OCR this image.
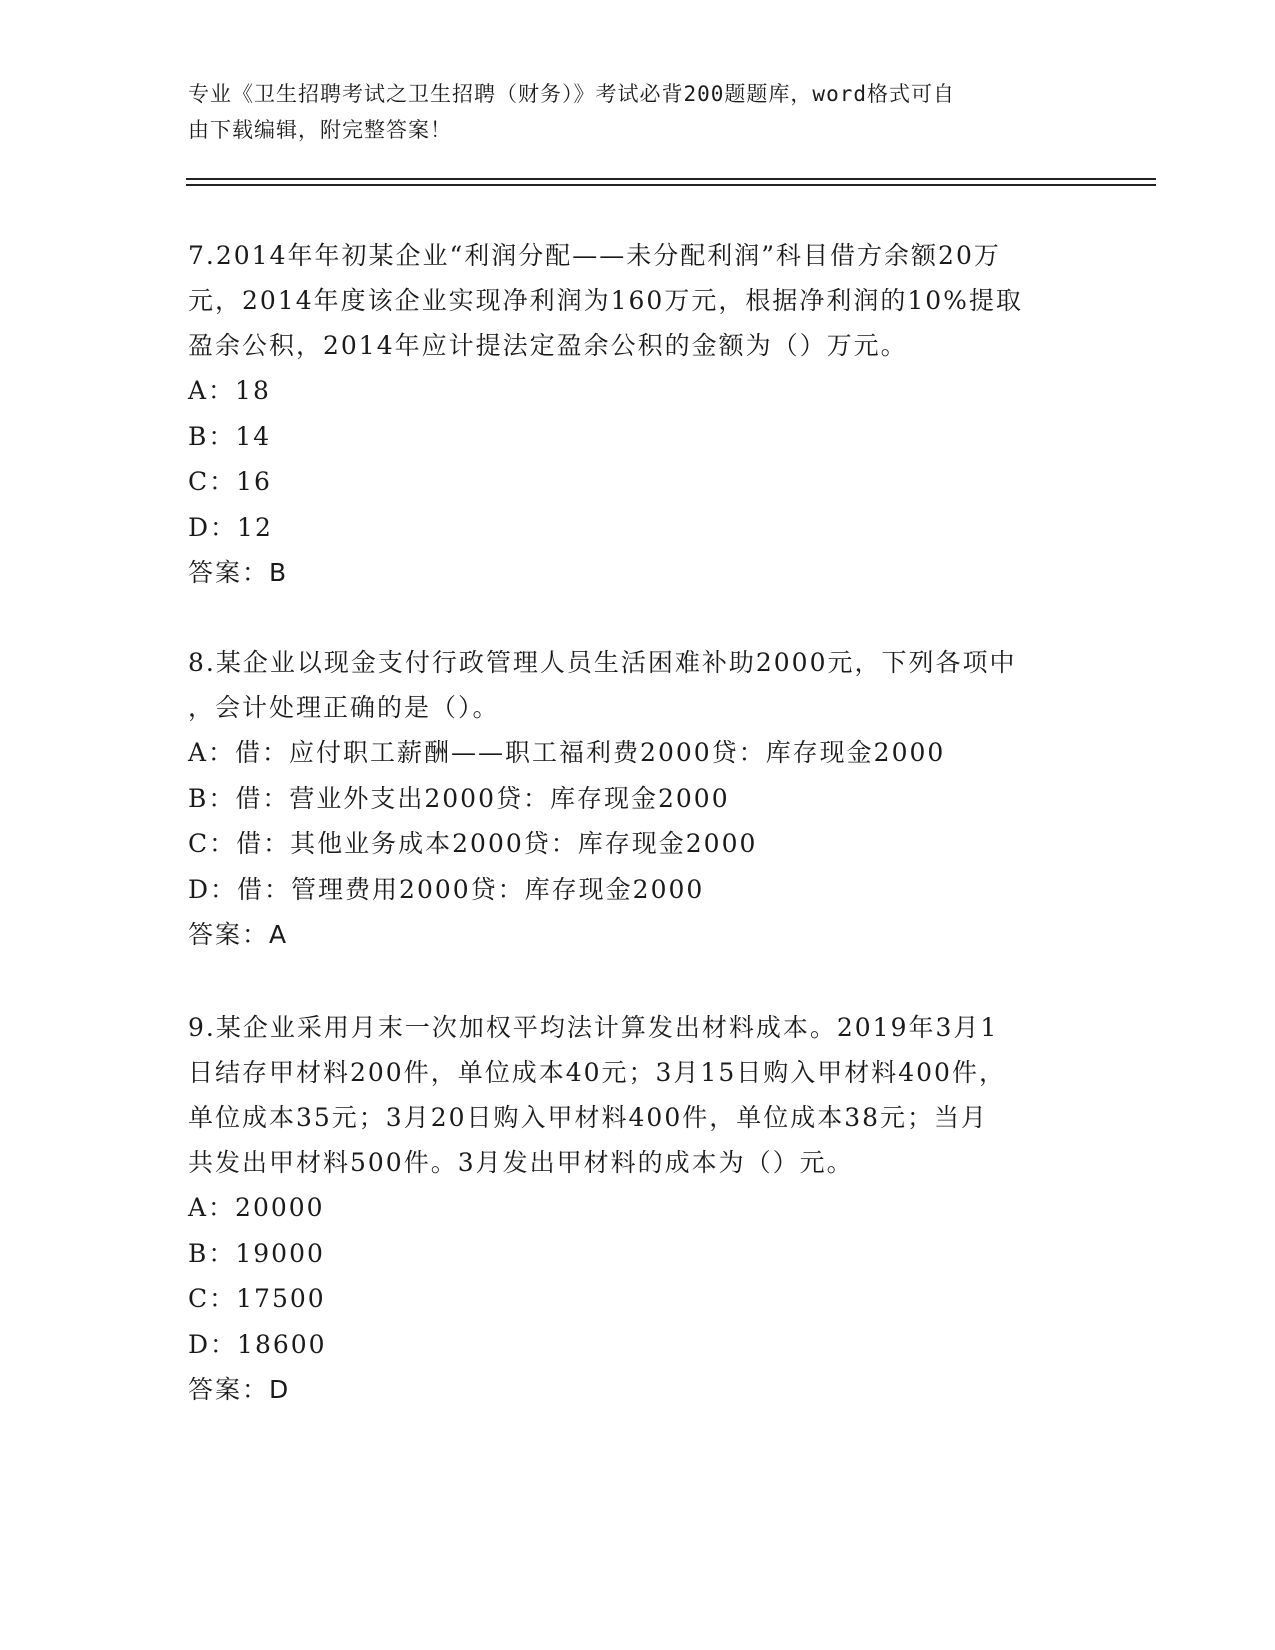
专业《卫生招聘考试之卫生招聘（财务）》考试必背200题题库，word格式可自
由下载编辑，附完整答案！

7.2014年年初某企业“利润分配——未分配利润”科目借方余额20万
元，2014年度该企业实现净利润为160万元，根据净利润的10%提取
盈余公积，2014年应计提法定盈余公积的金额为（）万元。

A：18

B：14

C：16

D：12

答案：B

8.某企业以现金支付行政管理人员生活困难补助2000元，下列各项中
，会计处理正确的是（）。

A：借：应付职工薪酬——职工福利费2000贷：库存现金2000

B：借：营业外支出2000贷：库存现金2000

C：借：其他业务成本2000贷：库存现金2000

D：借：管理费用2000贷：库存现金2000

答案：A

9.某企业采用月末一次加权平均法计算发出材料成本。2019年3月1
日结存甲材料200件，单位成本40元；3月15日购入甲材料400件，
单位成本35元；3月20日购入甲材料400件，单位成本38元；当月
共发出甲材料500件。3月发出甲材料的成本为（）元。

A：20000

B：19000

C：17500

D：18600

答案：D
